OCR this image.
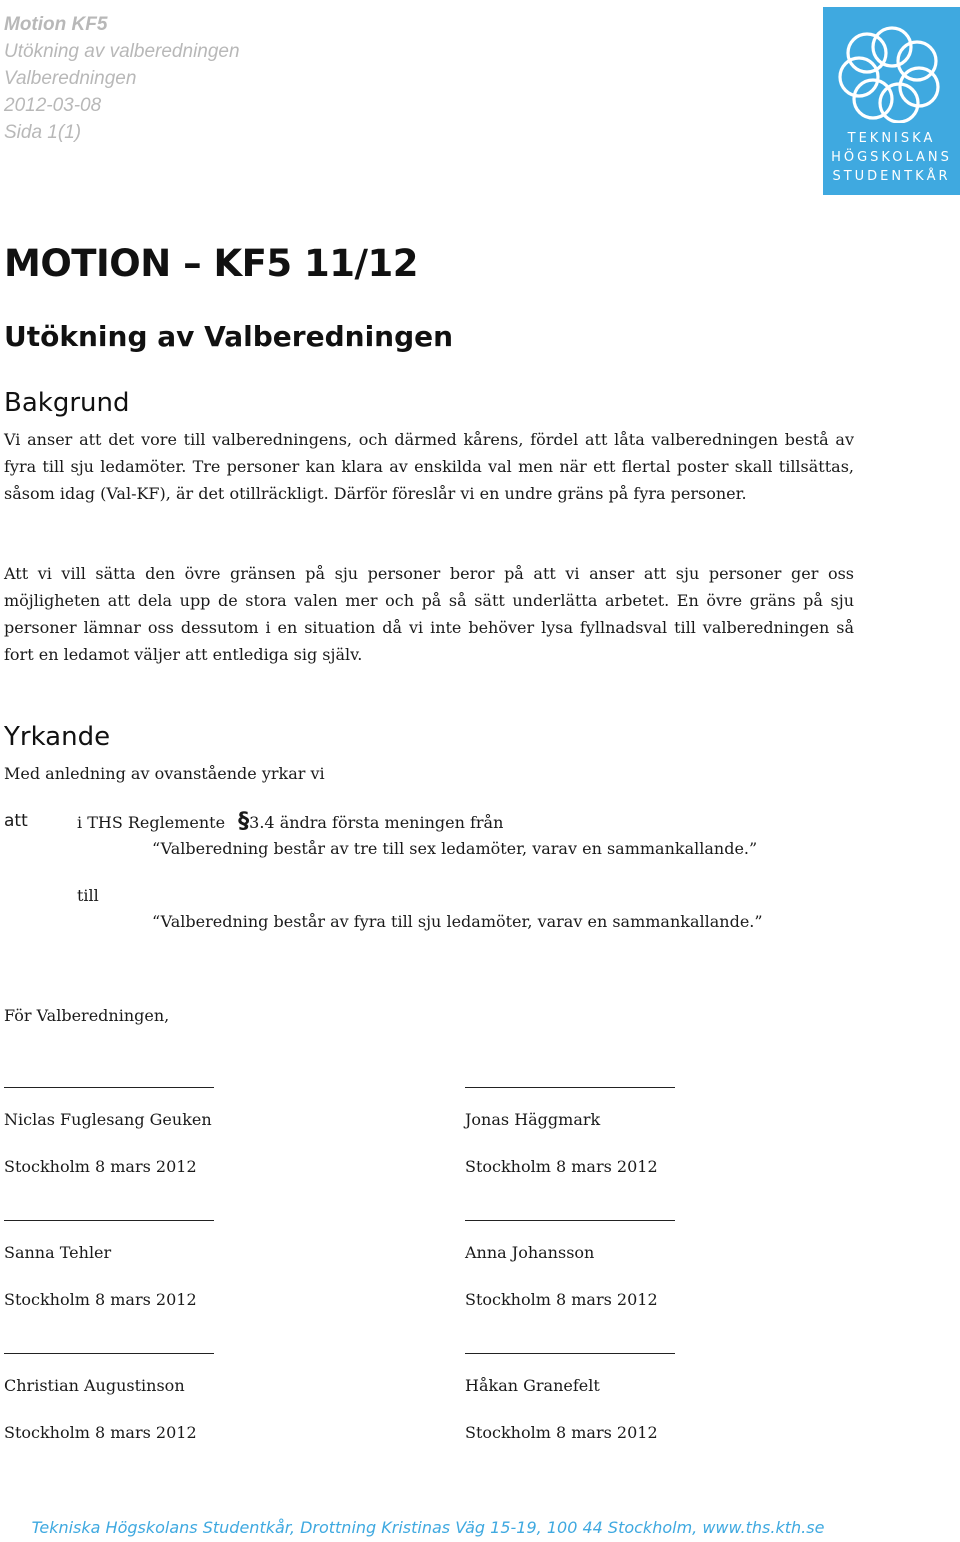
Motion KF5
Utökning av valberedningen
Valberedningen
2012-03-08
Sida 1(1)	TEKNISKA
HÖGSKOLANS
STUDENTKÅR
MOTION – KF5 11/12
Utökning av Valberedningen
Bakgrund

Vi anser att det vore till valberedningens, och därmed kårens, fördel att låta valberedningen bestå av fyra till sju ledamöter. Tre personer kan klara av enskilda val men när ett flertal poster skall tillsättas, såsom idag (Val-KF), är det otillräckligt. Därför föreslår vi en undre gräns på fyra personer.

Att vi vill sätta den övre gränsen på sju personer beror på att vi anser att sju personer ger oss möjligheten att dela upp de stora valen mer och på så sätt underlätta arbetet. En övre gräns på sju personer lämnar oss dessutom i en situation då vi inte behöver lysa fyllnadsval till valberedningen så fort en ledamot väljer att entlediga sig själv.

Yrkande
Med anledning av ovanstående yrkar vi
att	i THS Reglemente §3.4 ändra första meningen från
“Valberedning består av tre till sex ledamöter, varav en sammankallande.”
till
“Valberedning består av fyra till sju ledamöter, varav en sammankallande.”
För Valberedningen,
Niclas Fuglesang Geuken	Jonas Häggmark
Stockholm 8 mars 2012	Stockholm 8 mars 2012
Sanna Tehler	Anna Johansson
Stockholm 8 mars 2012	Stockholm 8 mars 2012
Christian Augustinson	Håkan Granefelt
Stockholm 8 mars 2012	Stockholm 8 mars 2012
Tekniska Högskolans Studentkår, Drottning Kristinas Väg 15-19, 100 44 Stockholm, www.ths.kth.se
